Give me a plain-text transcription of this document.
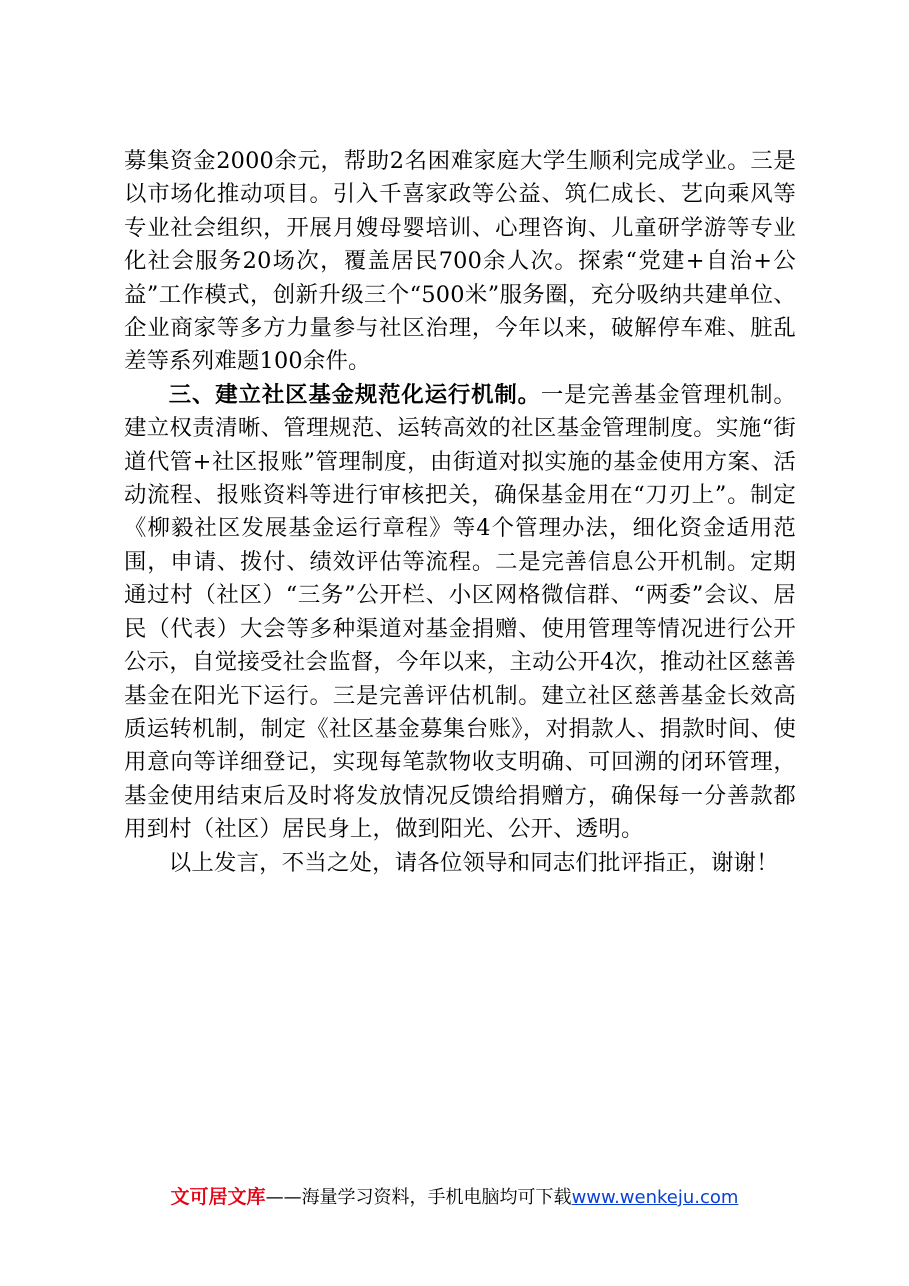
募集资金2000余元，帮助2名困难家庭大学生顺利完成学业。三是以市场化推动项目。引入千喜家政等公益、筑仁成长、艺向乘风等专业社会组织，开展月嫂母婴培训、心理咨询、儿童研学游等专业化社会服务20场次，覆盖居民700余人次。探索“党建+自治+公益”工作模式，创新升级三个“500米”服务圈，充分吸纳共建单位、企业商家等多方力量参与社区治理，今年以来，破解停车难、脏乱差等系列难题100余件。

三、建立社区基金规范化运行机制。一是完善基金管理机制。建立权责清晰、管理规范、运转高效的社区基金管理制度。实施“街道代管+社区报账”管理制度，由街道对拟实施的基金使用方案、活动流程、报账资料等进行审核把关，确保基金用在“刀刃上”。制定《柳毅社区发展基金运行章程》等4个管理办法，细化资金适用范围，申请、拨付、绩效评估等流程。二是完善信息公开机制。定期通过村（社区）“三务”公开栏、小区网格微信群、“两委”会议、居民（代表）大会等多种渠道对基金捐赠、使用管理等情况进行公开公示，自觉接受社会监督，今年以来，主动公开4次，推动社区慈善基金在阳光下运行。三是完善评估机制。建立社区慈善基金长效高质运转机制，制定《社区基金募集台账》，对捐款人、捐款时间、使用意向等详细登记，实现每笔款物收支明确、可回溯的闭环管理，基金使用结束后及时将发放情况反馈给捐赠方，确保每一分善款都用到村（社区）居民身上，做到阳光、公开、透明。

以上发言，不当之处，请各位领导和同志们批评指正，谢谢！

文可居文库——海量学习资料，手机电脑均可下载www.wenkeju.com
